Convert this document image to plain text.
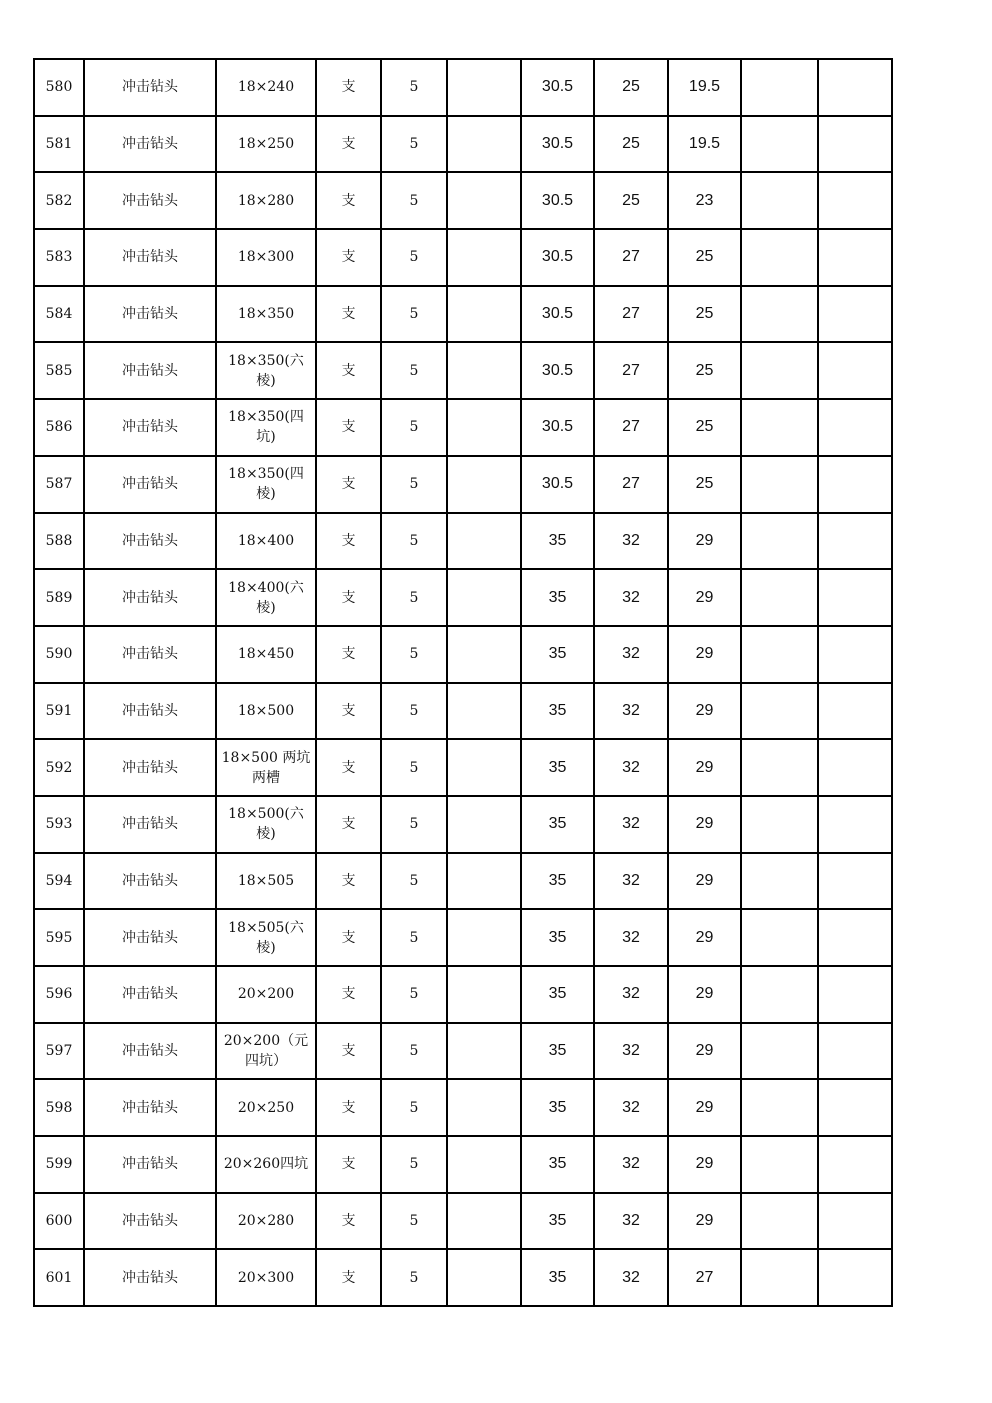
580	冲击钻头	18×240	支	5		30.5	25	19.5		
581	冲击钻头	18×250	支	5		30.5	25	19.5		
582	冲击钻头	18×280	支	5		30.5	25	23		
583	冲击钻头	18×300	支	5		30.5	27	25		
584	冲击钻头	18×350	支	5		30.5	27	25		
585	冲击钻头	18×350(六棱)	支	5		30.5	27	25		
586	冲击钻头	18×350(四坑)	支	5		30.5	27	25		
587	冲击钻头	18×350(四棱)	支	5		30.5	27	25		
588	冲击钻头	18×400	支	5		35	32	29		
589	冲击钻头	18×400(六棱)	支	5		35	32	29		
590	冲击钻头	18×450	支	5		35	32	29		
591	冲击钻头	18×500	支	5		35	32	29		
592	冲击钻头	18×500 两坑两槽	支	5		35	32	29		
593	冲击钻头	18×500(六棱)	支	5		35	32	29		
594	冲击钻头	18×505	支	5		35	32	29		
595	冲击钻头	18×505(六棱)	支	5		35	32	29		
596	冲击钻头	20×200	支	5		35	32	29		
597	冲击钻头	20×200（元四坑）	支	5		35	32	29		
598	冲击钻头	20×250	支	5		35	32	29		
599	冲击钻头	20×260四坑	支	5		35	32	29		
600	冲击钻头	20×280	支	5		35	32	29		
601	冲击钻头	20×300	支	5		35	32	27		
